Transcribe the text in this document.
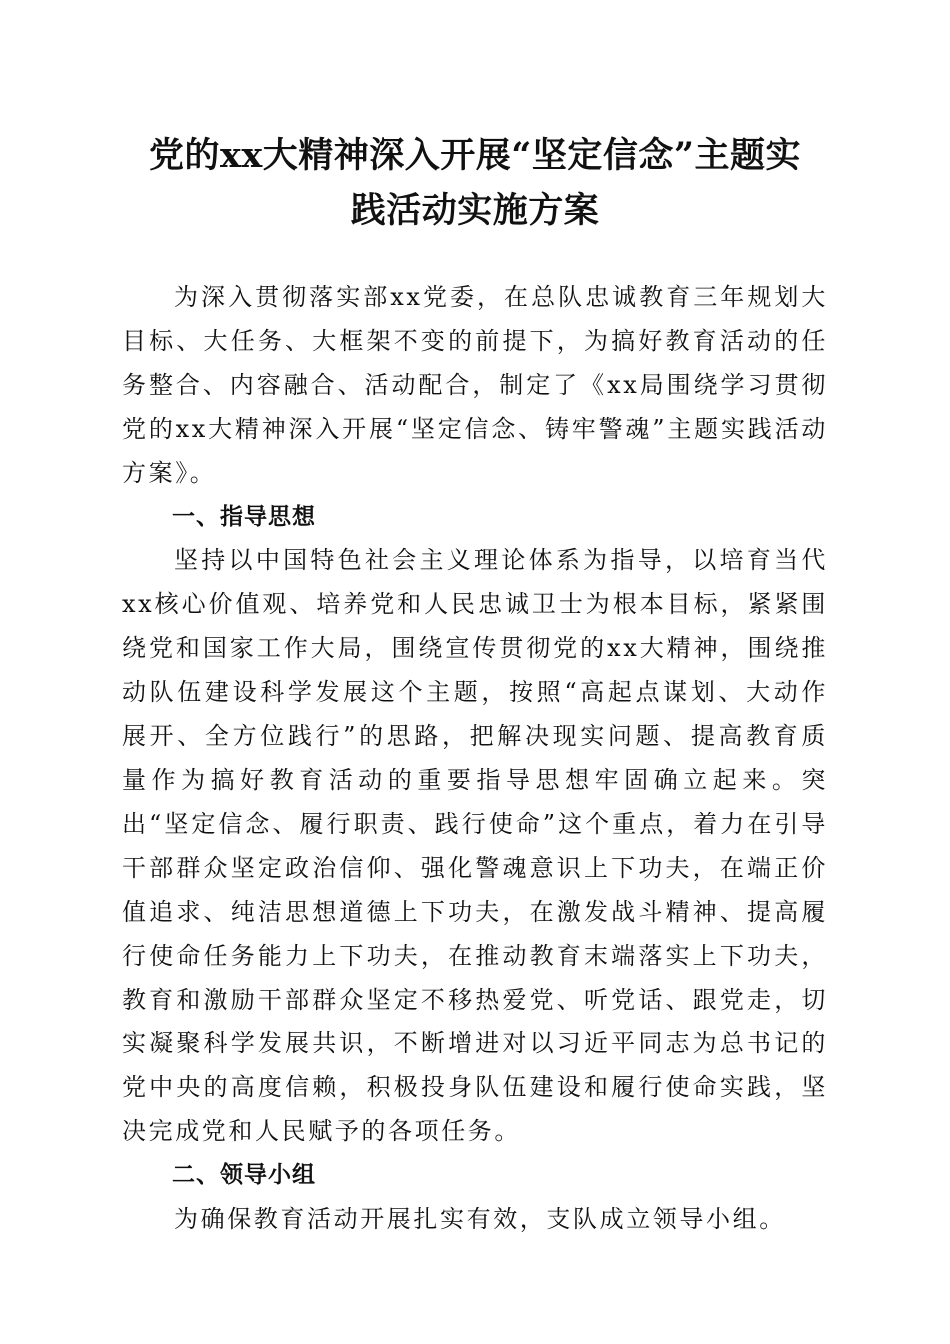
党的xx大精神深入开展“坚定信念”主题实
践活动实施方案

为深入贯彻落实部xx党委，在总队忠诚教育三年规划大目标、大任务、大框架不变的前提下，为搞好教育活动的任务整合、内容融合、活动配合，制定了《xx局围绕学习贯彻党的xx大精神深入开展“坚定信念、铸牢警魂”主题实践活动方案》。

一、指导思想

坚持以中国特色社会主义理论体系为指导，以培育当代xx核心价值观、培养党和人民忠诚卫士为根本目标，紧紧围绕党和国家工作大局，围绕宣传贯彻党的xx大精神，围绕推动队伍建设科学发展这个主题，按照“高起点谋划、大动作展开、全方位践行”的思路，把解决现实问题、提高教育质量作为搞好教育活动的重要指导思想牢固确立起来。突出“坚定信念、履行职责、践行使命”这个重点，着力在引导干部群众坚定政治信仰、强化警魂意识上下功夫，在端正价值追求、纯洁思想道德上下功夫，在激发战斗精神、提高履行使命任务能力上下功夫，在推动教育末端落实上下功夫，教育和激励干部群众坚定不移热爱党、听党话、跟党走，切实凝聚科学发展共识，不断增进对以习近平同志为总书记的党中央的高度信赖，积极投身队伍建设和履行使命实践，坚决完成党和人民赋予的各项任务。

二、领导小组

为确保教育活动开展扎实有效，支队成立领导小组。
